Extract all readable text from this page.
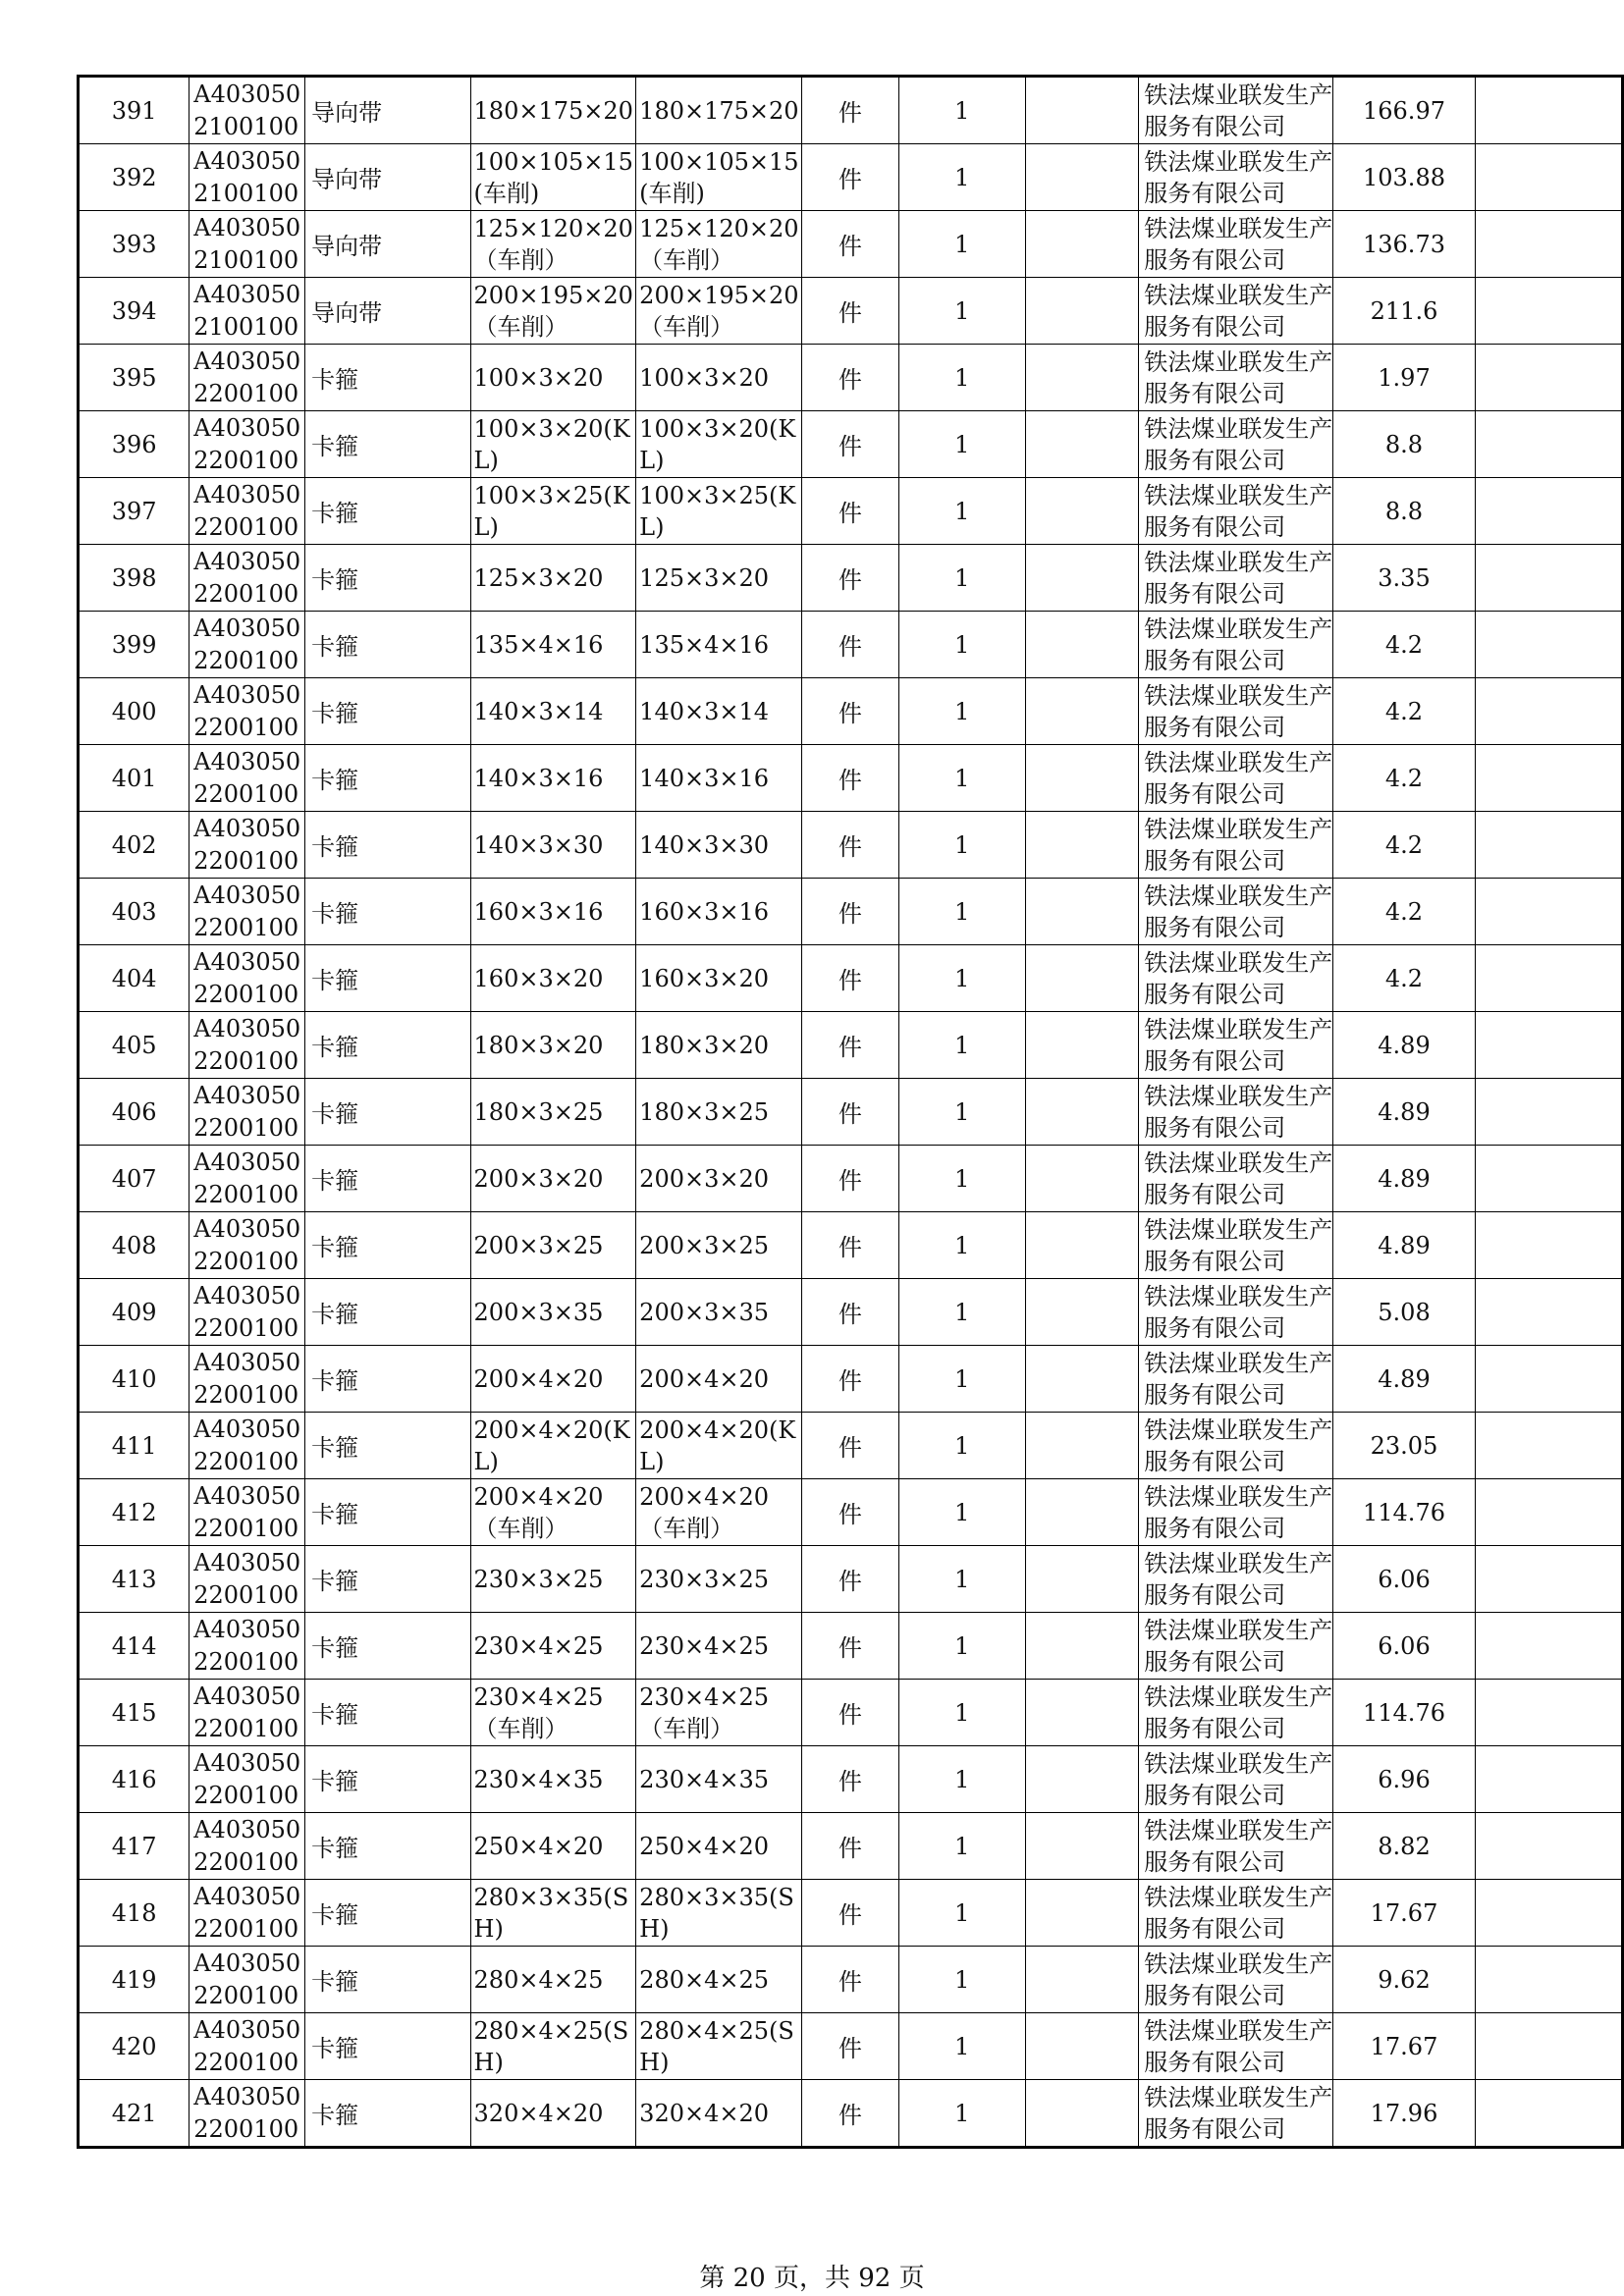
391	A4030502100100	导向带	180×175×20	180×175×20	件	1		铁法煤业联发生产服务有限公司	166.97	
392	A4030502100100	导向带	100×105×15(车削)	100×105×15(车削)	件	1		铁法煤业联发生产服务有限公司	103.88	
393	A4030502100100	导向带	125×120×20（车削）	125×120×20（车削）	件	1		铁法煤业联发生产服务有限公司	136.73	
394	A4030502100100	导向带	200×195×20（车削）	200×195×20（车削）	件	1		铁法煤业联发生产服务有限公司	211.6	
395	A4030502200100	卡箍	100×3×20	100×3×20	件	1		铁法煤业联发生产服务有限公司	1.97	
396	A4030502200100	卡箍	100×3×20(KL)	100×3×20(KL)	件	1		铁法煤业联发生产服务有限公司	8.8	
397	A4030502200100	卡箍	100×3×25(KL)	100×3×25(KL)	件	1		铁法煤业联发生产服务有限公司	8.8	
398	A4030502200100	卡箍	125×3×20	125×3×20	件	1		铁法煤业联发生产服务有限公司	3.35	
399	A4030502200100	卡箍	135×4×16	135×4×16	件	1		铁法煤业联发生产服务有限公司	4.2	
400	A4030502200100	卡箍	140×3×14	140×3×14	件	1		铁法煤业联发生产服务有限公司	4.2	
401	A4030502200100	卡箍	140×3×16	140×3×16	件	1		铁法煤业联发生产服务有限公司	4.2	
402	A4030502200100	卡箍	140×3×30	140×3×30	件	1		铁法煤业联发生产服务有限公司	4.2	
403	A4030502200100	卡箍	160×3×16	160×3×16	件	1		铁法煤业联发生产服务有限公司	4.2	
404	A4030502200100	卡箍	160×3×20	160×3×20	件	1		铁法煤业联发生产服务有限公司	4.2	
405	A4030502200100	卡箍	180×3×20	180×3×20	件	1		铁法煤业联发生产服务有限公司	4.89	
406	A4030502200100	卡箍	180×3×25	180×3×25	件	1		铁法煤业联发生产服务有限公司	4.89	
407	A4030502200100	卡箍	200×3×20	200×3×20	件	1		铁法煤业联发生产服务有限公司	4.89	
408	A4030502200100	卡箍	200×3×25	200×3×25	件	1		铁法煤业联发生产服务有限公司	4.89	
409	A4030502200100	卡箍	200×3×35	200×3×35	件	1		铁法煤业联发生产服务有限公司	5.08	
410	A4030502200100	卡箍	200×4×20	200×4×20	件	1		铁法煤业联发生产服务有限公司	4.89	
411	A4030502200100	卡箍	200×4×20(KL)	200×4×20(KL)	件	1		铁法煤业联发生产服务有限公司	23.05	
412	A4030502200100	卡箍	200×4×20（车削）	200×4×20（车削）	件	1		铁法煤业联发生产服务有限公司	114.76	
413	A4030502200100	卡箍	230×3×25	230×3×25	件	1		铁法煤业联发生产服务有限公司	6.06	
414	A4030502200100	卡箍	230×4×25	230×4×25	件	1		铁法煤业联发生产服务有限公司	6.06	
415	A4030502200100	卡箍	230×4×25（车削）	230×4×25（车削）	件	1		铁法煤业联发生产服务有限公司	114.76	
416	A4030502200100	卡箍	230×4×35	230×4×35	件	1		铁法煤业联发生产服务有限公司	6.96	
417	A4030502200100	卡箍	250×4×20	250×4×20	件	1		铁法煤业联发生产服务有限公司	8.82	
418	A4030502200100	卡箍	280×3×35(SH)	280×3×35(SH)	件	1		铁法煤业联发生产服务有限公司	17.67	
419	A4030502200100	卡箍	280×4×25	280×4×25	件	1		铁法煤业联发生产服务有限公司	9.62	
420	A4030502200100	卡箍	280×4×25(SH)	280×4×25(SH)	件	1		铁法煤业联发生产服务有限公司	17.67	
421	A4030502200100	卡箍	320×4×20	320×4×20	件	1		铁法煤业联发生产服务有限公司	17.96	
第 20 页，共 92 页
